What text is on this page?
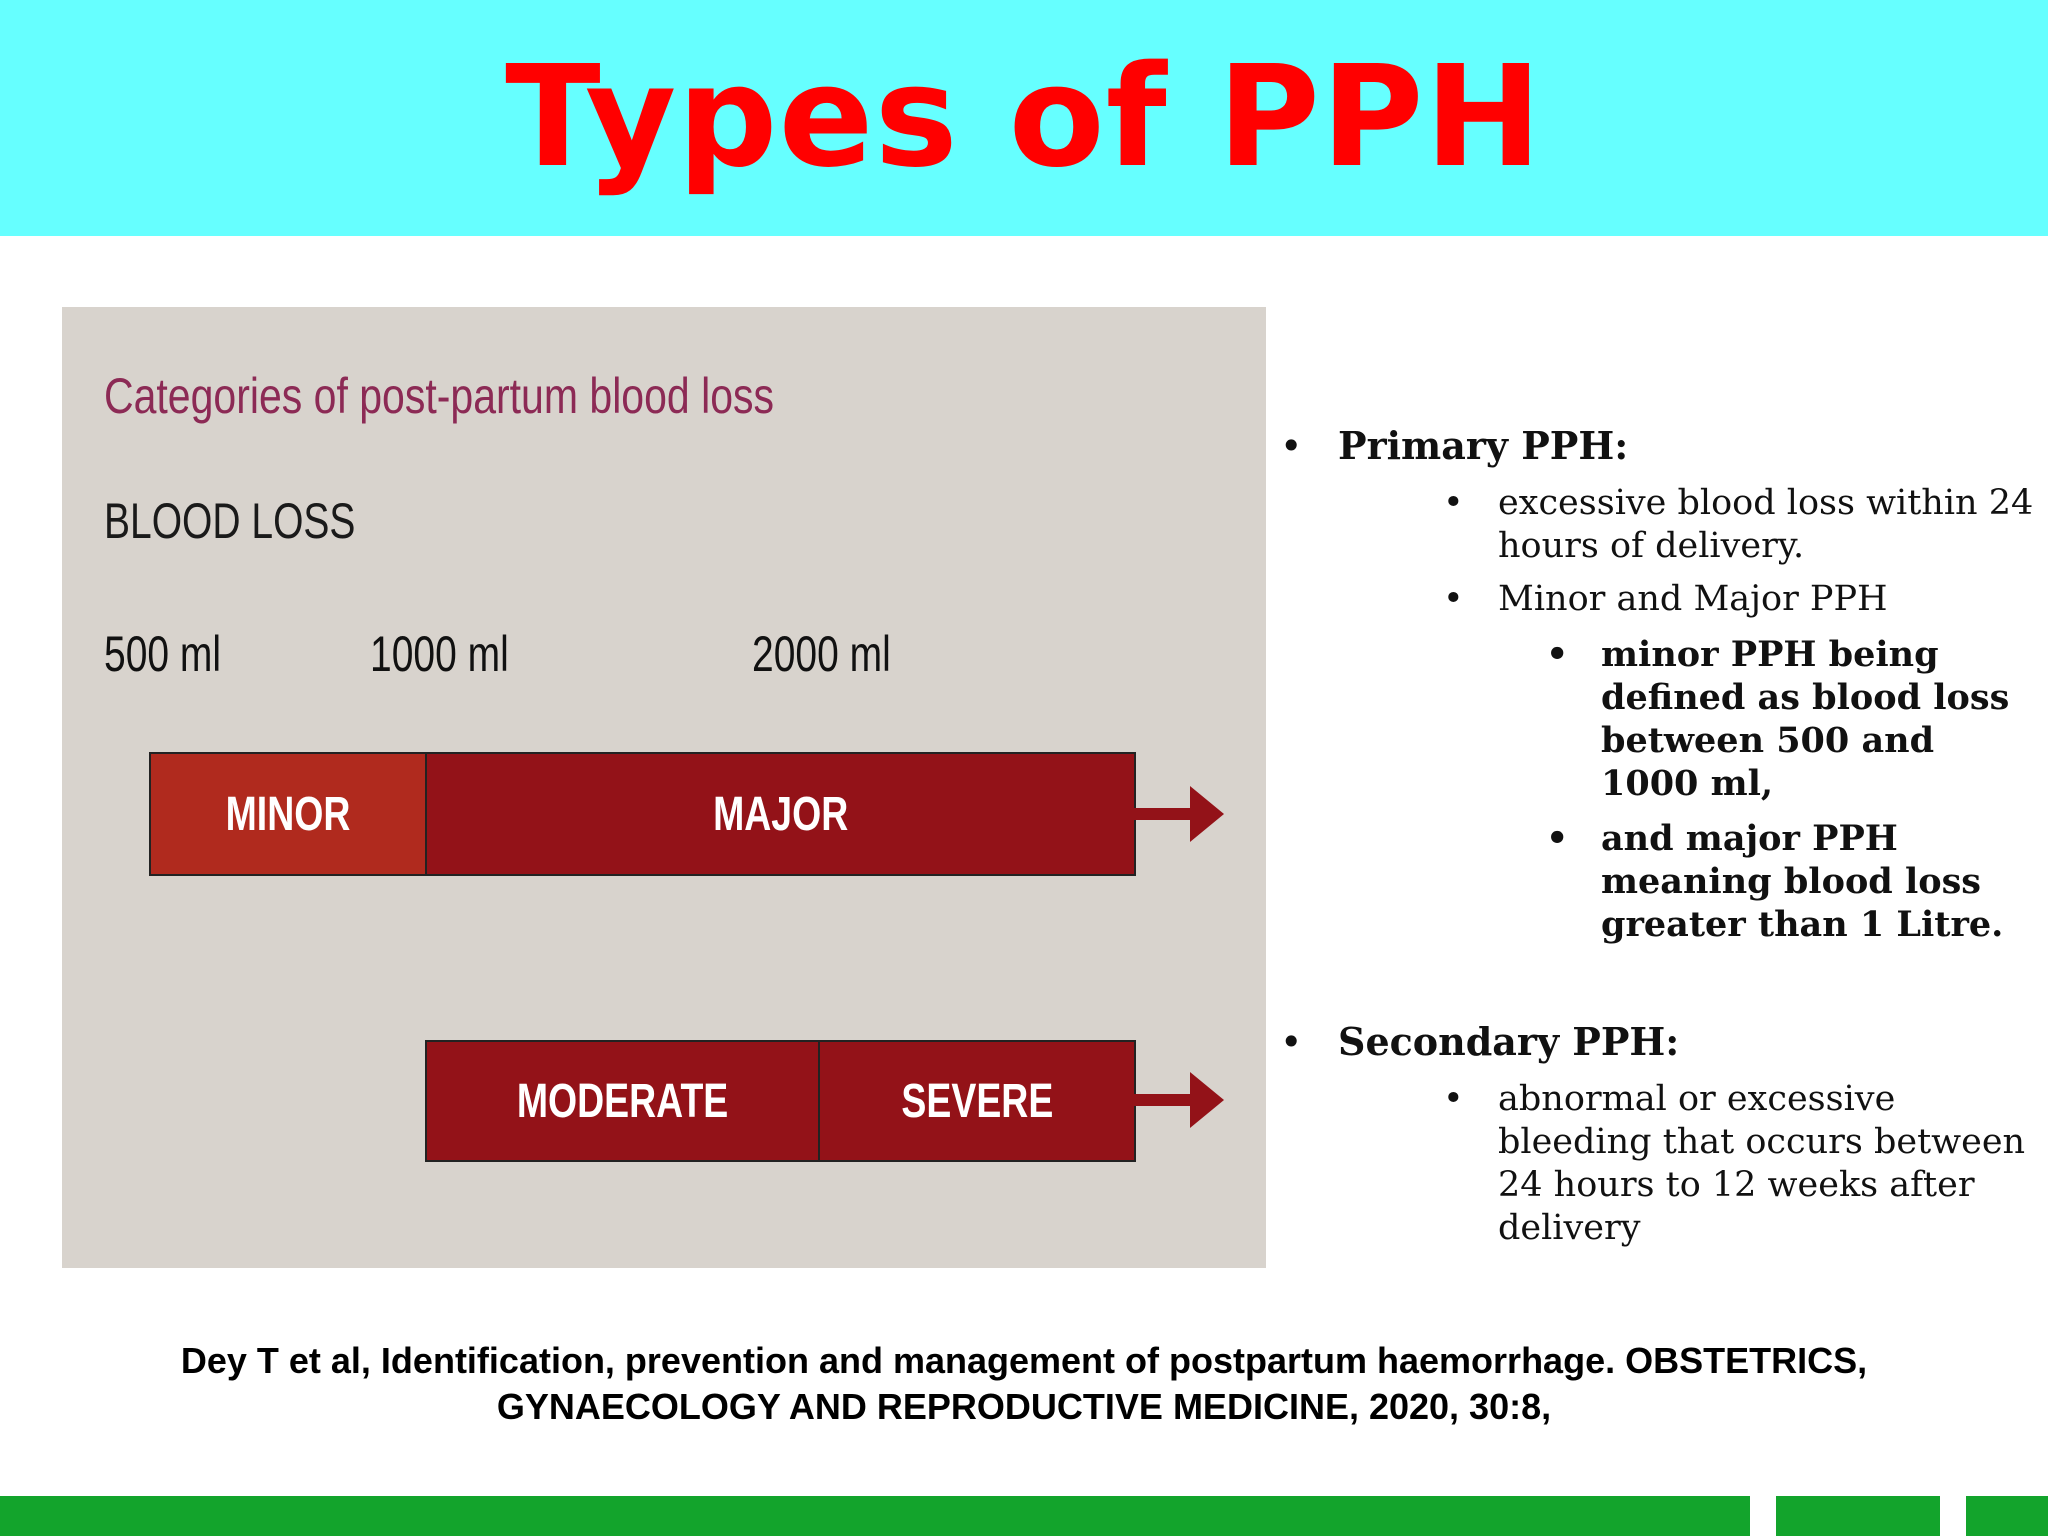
Types of PPH
Categories of post-partum blood loss
BLOOD LOSS
500 ml	1000 ml	2000 ml
MINOR	MAJOR
MODERATE	SEVERE
• Primary PPH:
• excessive blood loss within 24 hours of delivery.
• Minor and Major PPH
• minor PPH being defined as blood loss between 500 and 1000 ml,
• and major PPH meaning blood loss greater than 1 Litre.
• Secondary PPH:
• abnormal or excessive bleeding that occurs between 24 hours to 12 weeks after delivery
Dey T et al, Identification, prevention and management of postpartum haemorrhage. OBSTETRICS,
GYNAECOLOGY AND REPRODUCTIVE MEDICINE, 2020, 30:8,
